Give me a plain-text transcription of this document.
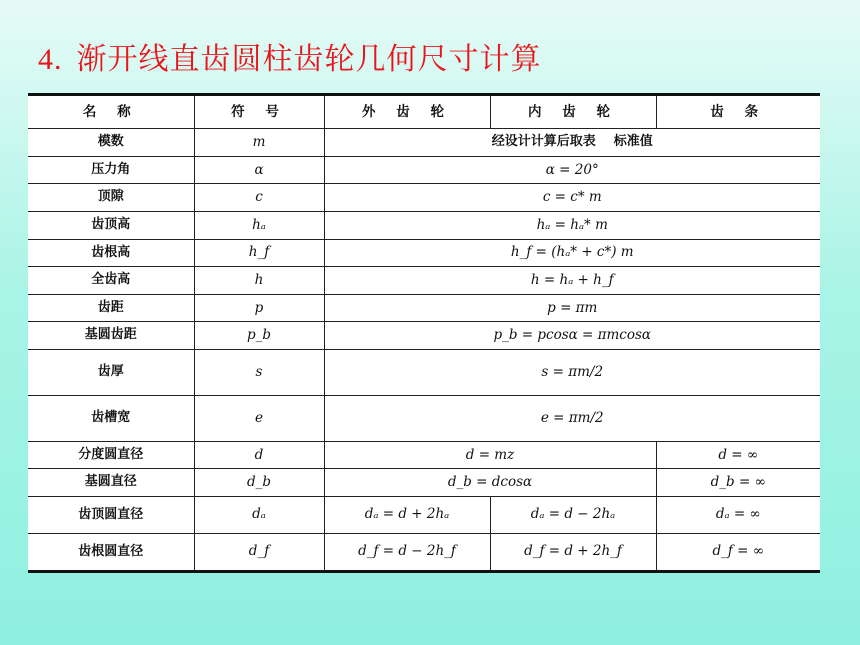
4. 渐开线直齿圆柱齿轮几何尺寸计算
名 称	符 号	外 齿 轮	内 齿 轮	齿 条
模数	m	经设计计算后取表    标准值		
压力角	α	α = 20°		
顶隙	c	c = c* m		
齿顶高	hₐ	hₐ = hₐ* m		
齿根高	h_f	h_f = (hₐ* + c*) m		
全齿高	h	h = hₐ + h_f		
齿距	p	p = πm		
基圆齿距	p_b	p_b = pcosα = πmcosα		
齿厚	s	s = πm/2		
齿槽宽	e	e = πm/2		
分度圆直径	d	d = mz		d = ∞
基圆直径	d_b	d_b = dcosα		d_b = ∞
齿顶圆直径	dₐ	dₐ = d + 2hₐ	dₐ = d − 2hₐ	dₐ = ∞
齿根圆直径	d_f	d_f = d − 2h_f	d_f = d + 2h_f	d_f = ∞
